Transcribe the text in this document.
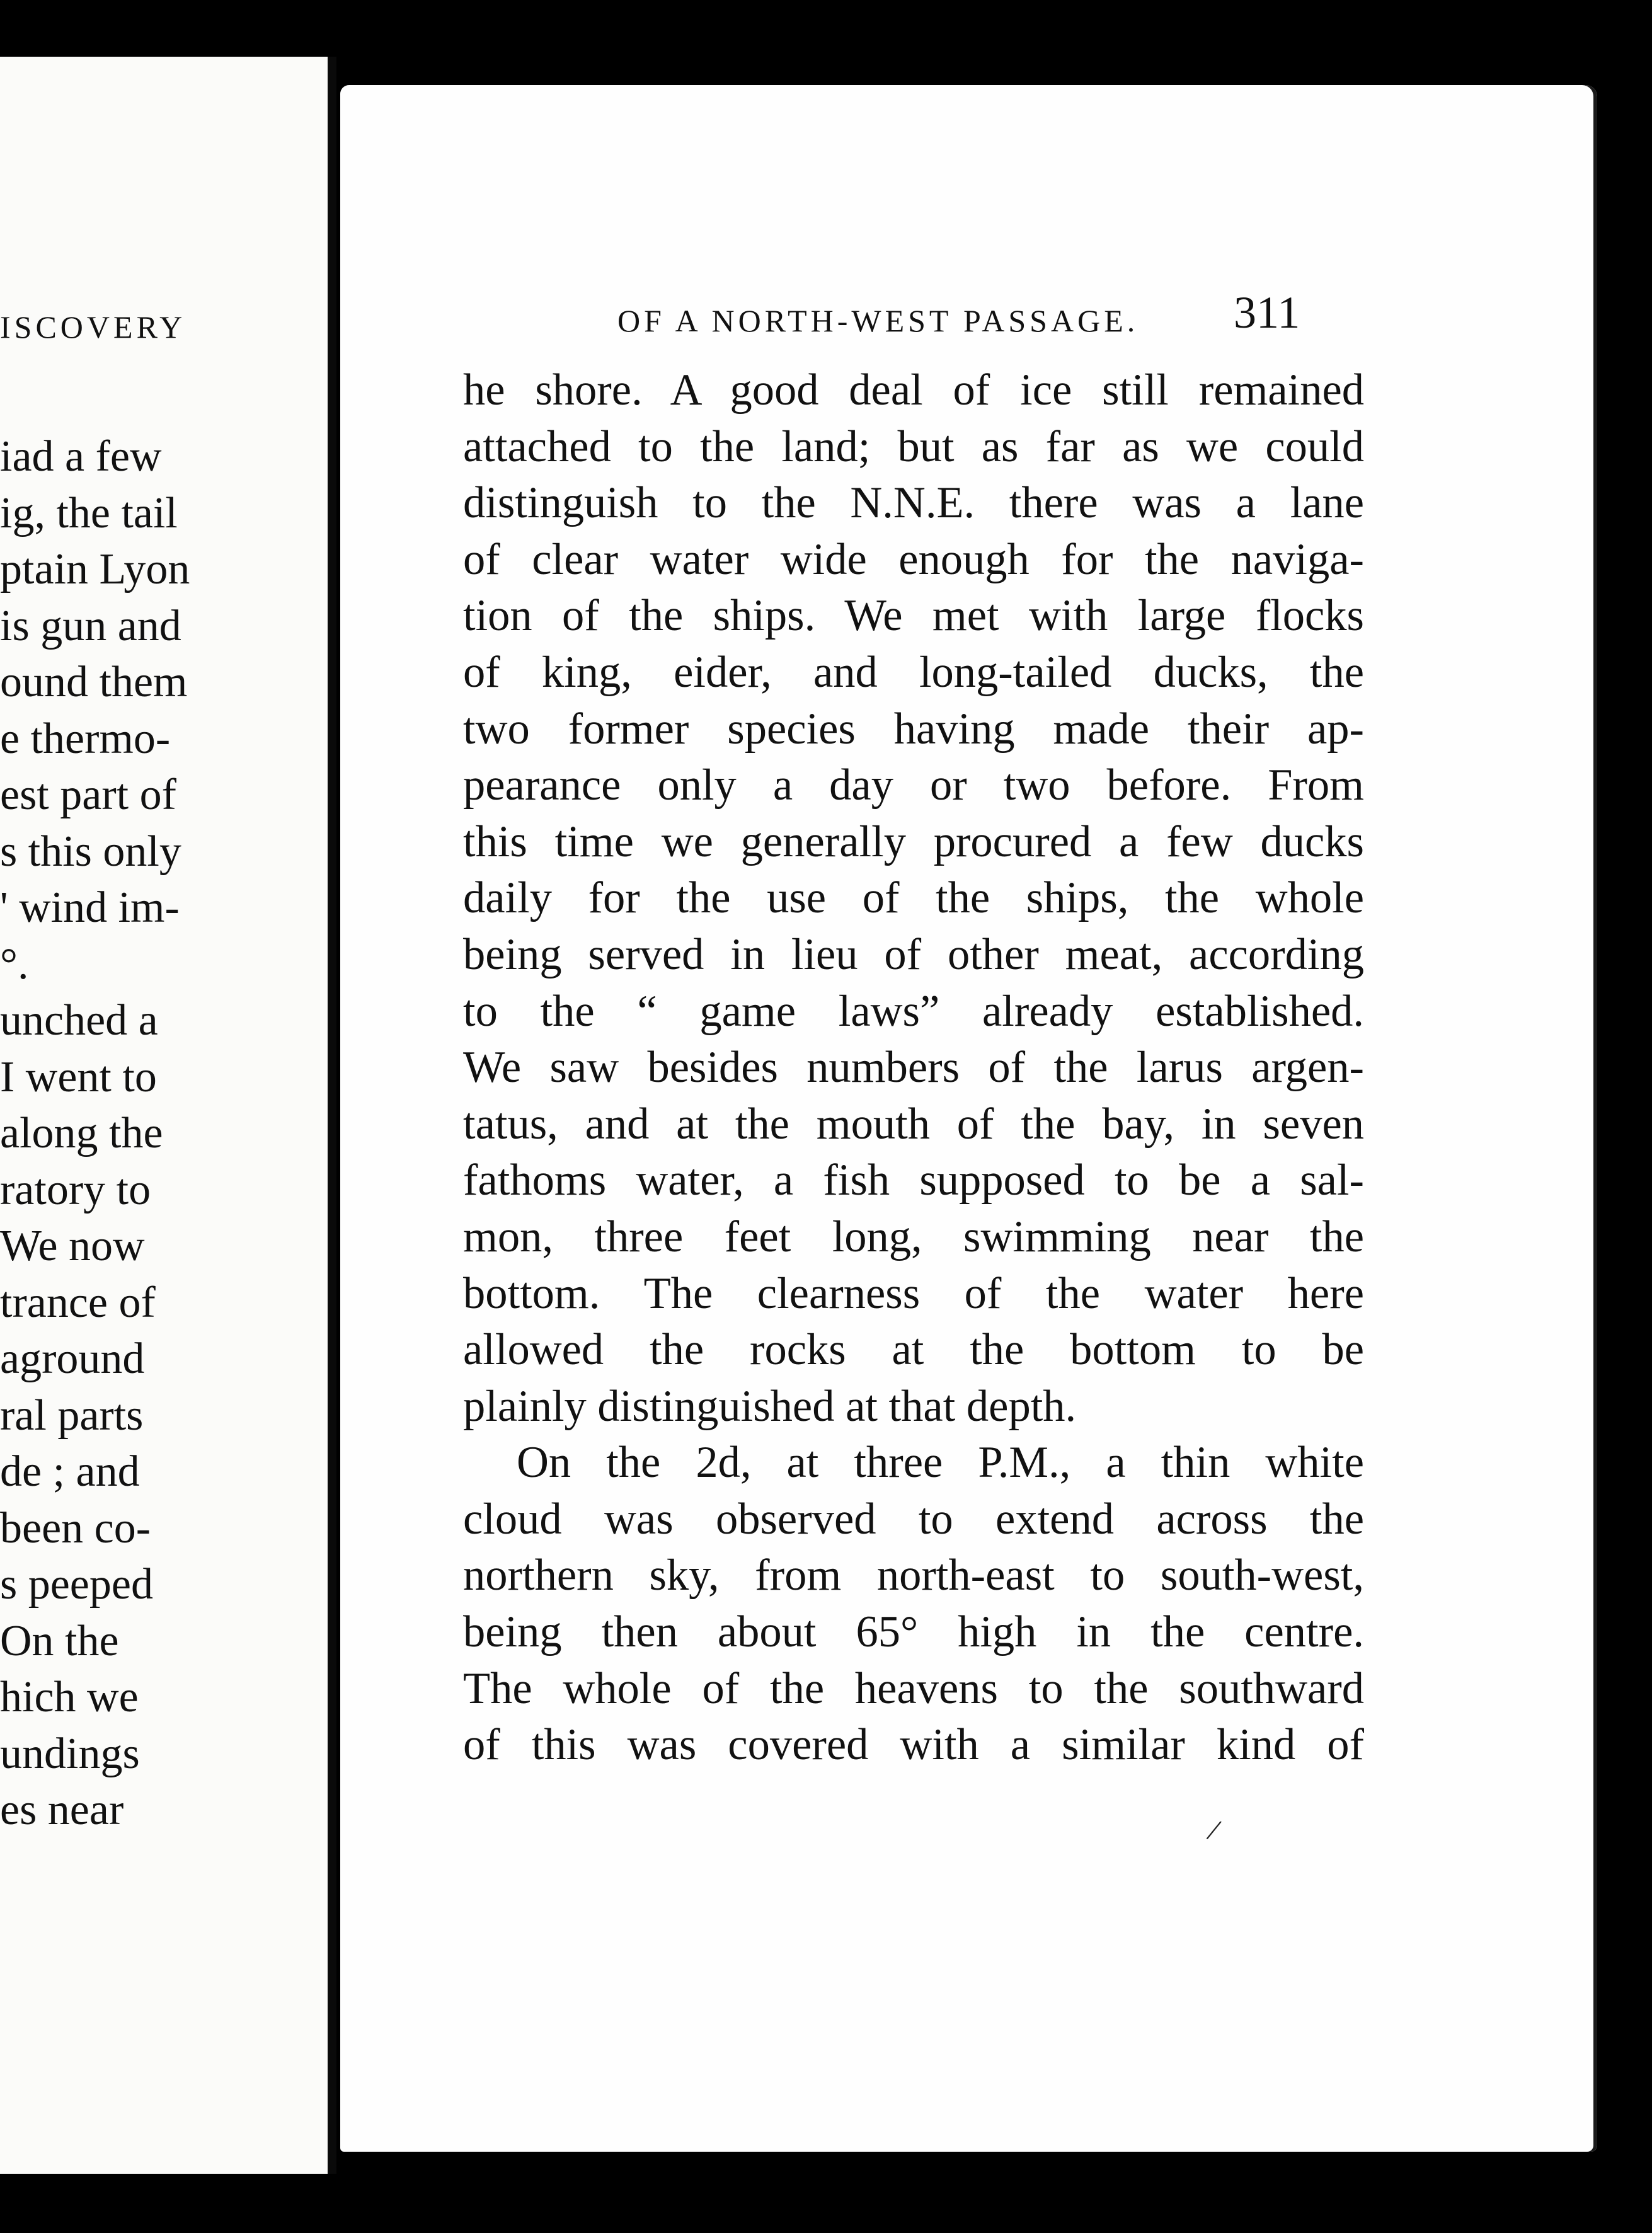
ISCOVERY
iad a few
ig, the tail
ptain Lyon
is gun and
ound them
e thermo-
est part of
s this only
' wind im-
°.
unched a
I went to
along the
ratory to
We now
trance of
aground
ral parts
de ; and
been co-
s peeped
On the
hich we
undings
es near
OF A NORTH-WEST PASSAGE. 311
he shore. A good deal of ice still remained
attached to the land; but as far as we could
distinguish to the N.N.E. there was a lane
of clear water wide enough for the naviga-
tion of the ships. We met with large flocks
of king, eider, and long-tailed ducks, the
two former species having made their ap-
pearance only a day or two before. From
this time we generally procured a few ducks
daily for the use of the ships, the whole
being served in lieu of other meat, according
to the “ game laws” already established.
We saw besides numbers of the larus argen-
tatus, and at the mouth of the bay, in seven
fathoms water, a fish supposed to be a sal-
mon, three feet long, swimming near the
bottom. The clearness of the water here
allowed the rocks at the bottom to be
plainly distinguished at that depth.
On the 2d, at three P.M., a thin white
cloud was observed to extend across the
northern sky, from north-east to south-west,
being then about 65° high in the centre.
The whole of the heavens to the southward
of this was covered with a similar kind of
/
